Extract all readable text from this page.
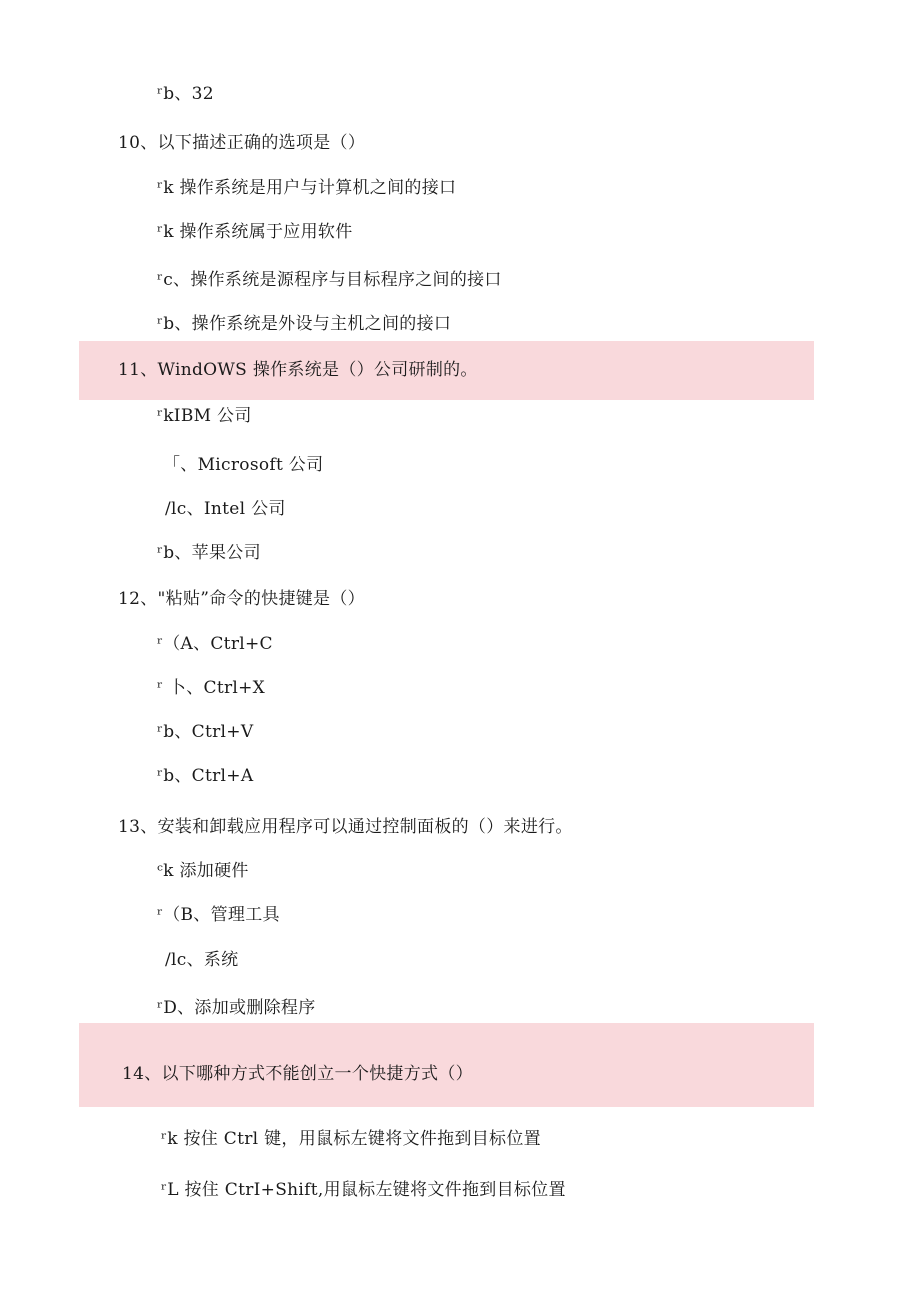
ʳb、32
10、以下描述正确的选项是（）
ʳk 操作系统是用户与计算机之间的接口
ʳk 操作系统属于应用软件
ʳc、操作系统是源程序与目标程序之间的接口
ʳb、操作系统是外设与主机之间的接口
11、WindOWS 操作系统是（）公司研制的。
ʳkIBM 公司
「、Microsoft 公司
/lc、Intel 公司
ʳb、苹果公司
12、"粘贴”命令的快捷键是（）
ʳ（A、Ctrl+C
ʳ 卜、Ctrl+X
ʳb、Ctrl+V
ʳb、Ctrl+A
13、安装和卸载应用程序可以通过控制面板的（）来进行。
ᶜk 添加硬件
ʳ（B、管理工具
/lc、系统
ʳD、添加或删除程序
14、以下哪种方式不能创立一个快捷方式（）
ʳk 按住 Ctrl 键，用鼠标左键将文件拖到目标位置
ʳL 按住 CtrI+Shift,用鼠标左键将文件拖到目标位置
